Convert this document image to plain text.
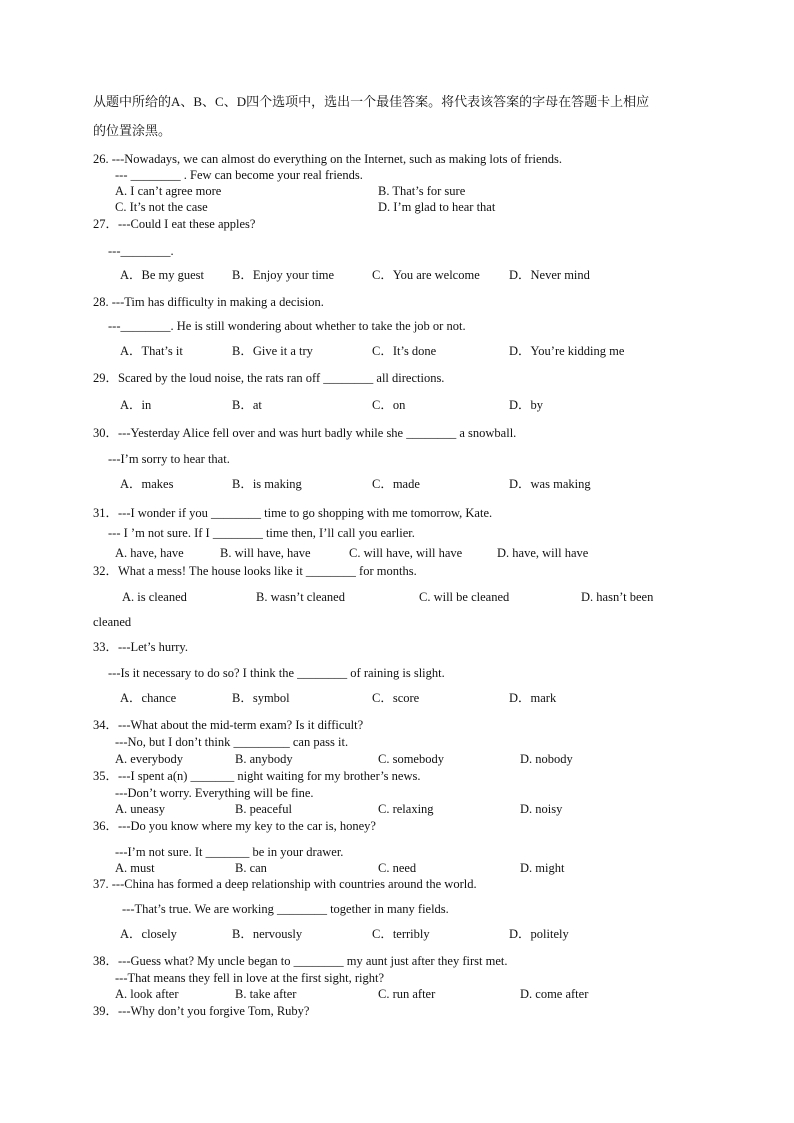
从题中所给的A、B、C、D四个选项中，选出一个最佳答案。将代表该答案的字母在答题卡上相应
的位置涂黑。
26. ---Nowadays, we can almost do everything on the Internet, such as making lots of friends.
--- ________ . Few can become your real friends.
A. I can’t agree more	B. That’s for sure
C. It’s not the case	D. I’m glad to hear that
27．---Could I eat these apples?
---________.
A．Be my guest B．Enjoy your time	C．You are welcome D．Never mind
28. ---Tim has difficulty in making a decision.
---________. He is still wondering about whether to take the job or not.
A．That’s it	B．Give it a try	C．It’s done	D．You’re kidding me
29．Scared by the loud noise, the rats ran off ________ all directions.
A．in	B．at	C．on	D．by
30．---Yesterday Alice fell over and was hurt badly while she ________ a snowball.
---I’m sorry to hear that.
A．makes	B．is making	C．made	D．was making
31．---I wonder if you ________ time to go shopping with me tomorrow, Kate.
--- I ’m not sure. If I ________ time then, I’ll call you earlier.
A. have, have	B. will have, have	C. will have, will have	D. have, will have
32．What a mess! The house looks like it ________ for months.
A. is cleaned	B. wasn’t cleaned	C. will be cleaned	D. hasn’t been
cleaned
33．---Let’s hurry.
---Is it necessary to do so? I think the ________ of raining is slight.
A．chance	B．symbol	C．score	D．mark
34．---What about the mid-term exam? Is it difficult?
---No, but I don’t think _________ can pass it.
A. everybody	B. anybody	C. somebody	D. nobody
35．---I spent a(n) _______ night waiting for my brother’s news.
---Don’t worry. Everything will be fine.
A. uneasy	B. peaceful	C. relaxing	D. noisy
36．---Do you know where my key to the car is, honey?
---I’m not sure. It _______ be in your drawer.
A. must	B. can	C. need	D. might
37. ---China has formed a deep relationship with countries around the world.
---That’s true. We are working ________ together in many fields.
A．closely	B．nervously	C．terribly	D．politely
38．---Guess what? My uncle began to ________ my aunt just after they first met.
---That means they fell in love at the first sight, right?
A. look after	B. take after	C. run after	D. come after
39．---Why don’t you forgive Tom, Ruby?
